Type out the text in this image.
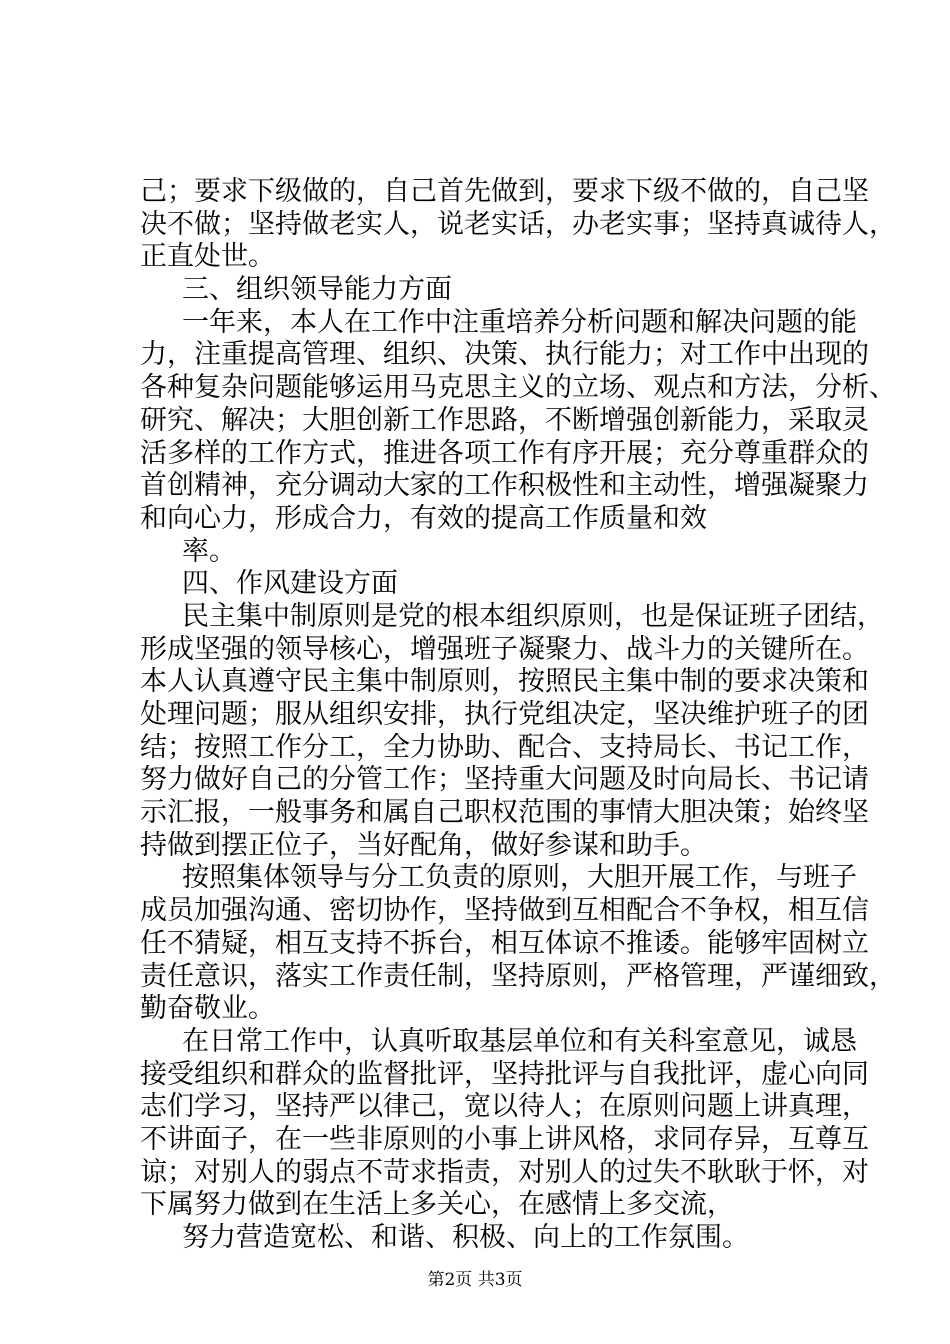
己；要求下级做的，自己首先做到，要求下级不做的，自己坚
决不做；坚持做老实人，说老实话，办老实事；坚持真诚待人，
正直处世。
三、组织领导能力方面
一年来，本人在工作中注重培养分析问题和解决问题的能
力，注重提高管理、组织、决策、执行能力；对工作中出现的
各种复杂问题能够运用马克思主义的立场、观点和方法，分析、
研究、解决；大胆创新工作思路，不断增强创新能力，采取灵
活多样的工作方式，推进各项工作有序开展；充分尊重群众的
首创精神，充分调动大家的工作积极性和主动性，增强凝聚力
和向心力，形成合力，有效的提高工作质量和效
率。
四、作风建设方面
民主集中制原则是党的根本组织原则，也是保证班子团结，
形成坚强的领导核心，增强班子凝聚力、战斗力的关键所在。
本人认真遵守民主集中制原则，按照民主集中制的要求决策和
处理问题；服从组织安排，执行党组决定，坚决维护班子的团
结；按照工作分工，全力协助、配合、支持局长、书记工作，
努力做好自己的分管工作；坚持重大问题及时向局长、书记请
示汇报，一般事务和属自己职权范围的事情大胆决策；始终坚
持做到摆正位子，当好配角，做好参谋和助手。
按照集体领导与分工负责的原则，大胆开展工作，与班子
成员加强沟通、密切协作，坚持做到互相配合不争权，相互信
任不猜疑，相互支持不拆台，相互体谅不推诿。能够牢固树立
责任意识，落实工作责任制，坚持原则，严格管理，严谨细致，
勤奋敬业。
在日常工作中，认真听取基层单位和有关科室意见，诚恳
接受组织和群众的监督批评，坚持批评与自我批评，虚心向同
志们学习，坚持严以律己，宽以待人；在原则问题上讲真理，
不讲面子，在一些非原则的小事上讲风格，求同存异，互尊互
谅；对别人的弱点不苛求指责，对别人的过失不耿耿于怀，对
下属努力做到在生活上多关心，在感情上多交流，
努力营造宽松、和谐、积极、向上的工作氛围。
第2页 共3页
